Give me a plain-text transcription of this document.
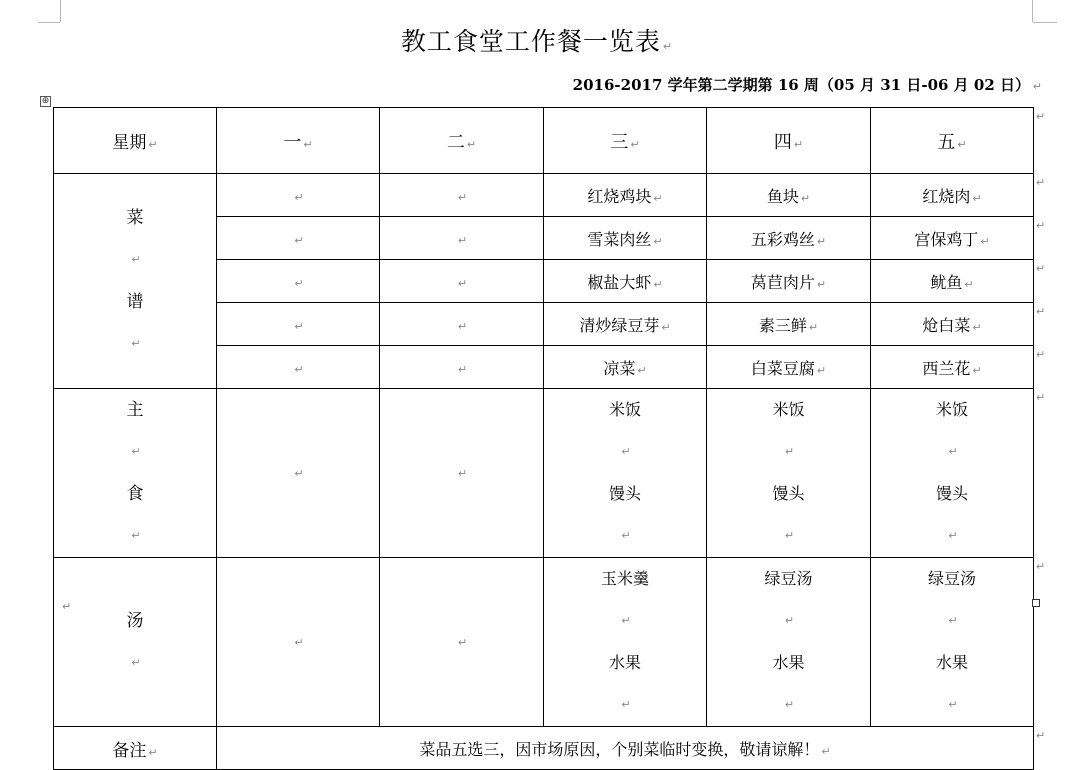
教工食堂工作餐一览表 ↵
2016-2017 学年第二学期第 16 周（05 月 31 日-06 月 02 日） ↵
⊕
星期 ↵	一 ↵	二 ↵	三 ↵	四 ↵	五 ↵

菜
↵
谱
↵	↵	↵	红烧鸡块 ↵	鱼块 ↵	红烧肉 ↵
	↵	↵	雪菜肉丝 ↵	五彩鸡丝 ↵	宫保鸡丁 ↵
	↵	↵	椒盐大虾 ↵	莴苣肉片 ↵	鱿鱼 ↵
	↵	↵	清炒绿豆芽 ↵	素三鲜 ↵	炝白菜 ↵
	↵	↵	凉菜 ↵	白菜豆腐 ↵	西兰花 ↵

主
↵
食
↵	↵	↵	米饭
↵
馒头
↵	米饭
↵
馒头
↵	米饭
↵
馒头
↵

汤
↵	↵	↵	玉米羹
↵
水果
↵	绿豆汤
↵
水果
↵	绿豆汤
↵
水果
↵

备注 ↵	菜品五选三，因市场原因，个别菜临时变换，敬请谅解！ ↵				
↵
↵
↵
↵
↵
↵
↵
↵
↵
↵
